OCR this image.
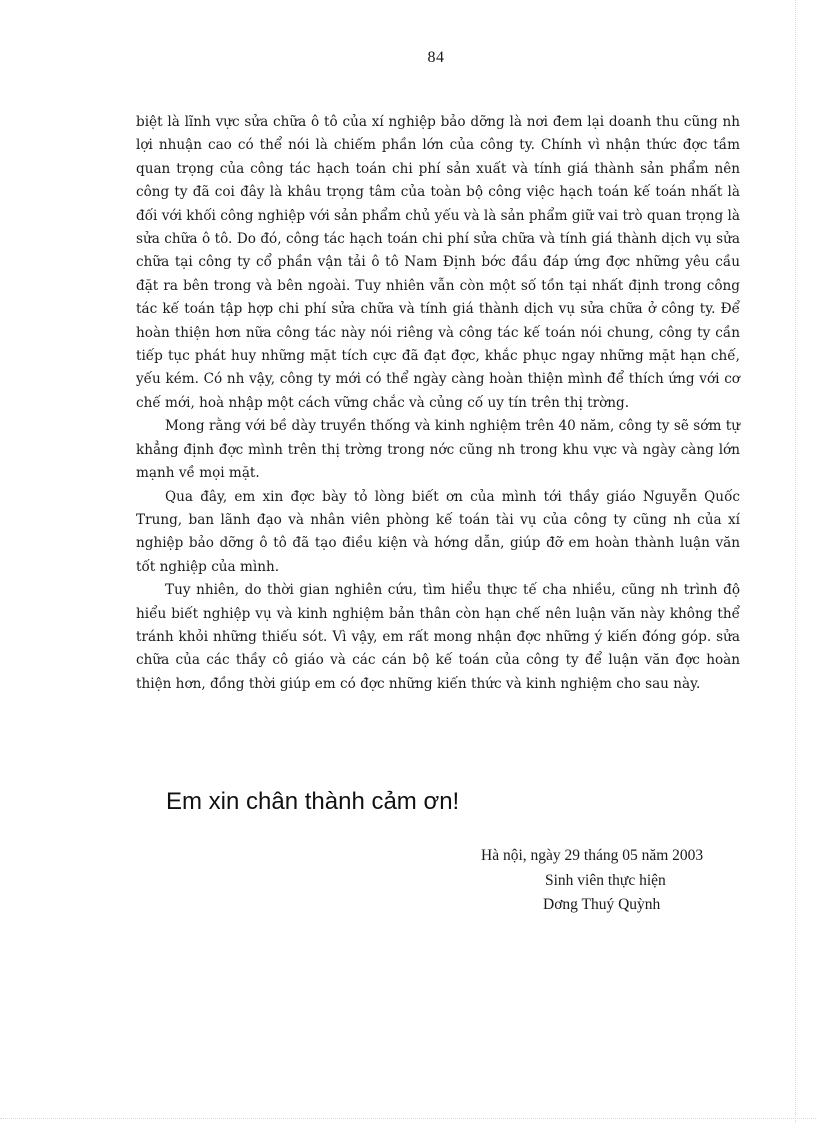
84

biệt là lĩnh vực sửa chữa ô tô của xí nghiệp bảo dỡng là nơi đem lại doanh thu cũng nh lợi nhuận cao có thể nói là chiếm phần lớn của công ty. Chính vì nhận thức đợc tầm quan trọng của công tác hạch toán chi phí sản xuất và tính giá thành sản phẩm nên công ty đã coi đây là khâu trọng tâm của toàn bộ công việc hạch toán kế toán nhất là đối với khối công nghiệp với sản phẩm chủ yếu và là sản phẩm giữ vai trò quan trọng là sửa chữa ô tô. Do đó, công tác hạch toán chi phí sửa chữa và tính giá thành dịch vụ sửa chữa tại công ty cổ phần vận tải ô tô Nam Định bớc đầu đáp ứng đợc những yêu cầu đặt ra bên trong và bên ngoài. Tuy nhiên vẫn còn một số tồn tại nhất định trong công tác kế toán tập hợp chi phí sửa chữa và tính giá thành dịch vụ sửa chữa ở công ty. Để hoàn thiện hơn nữa công tác này nói riêng và công tác kế toán nói chung, công ty cần tiếp tục phát huy những mặt tích cực đã đạt đợc, khắc phục ngay những mặt hạn chế, yếu kém. Có nh vậy, công ty mới có thể ngày càng hoàn thiện mình để thích ứng với cơ chế mới, hoà nhập một cách vững chắc và củng cố uy tín trên thị trờng.

Mong rằng với bề dày truyền thống và kinh nghiệm trên 40 năm, công ty sẽ sớm tự khẳng định đợc mình trên thị trờng trong nớc cũng nh trong khu vực và ngày càng lớn mạnh về mọi mặt.

Qua đây, em xin đợc bày tỏ lòng biết ơn của mình tới thầy giáo Nguyễn Quốc Trung, ban lãnh đạo và nhân viên phòng kế toán tài vụ của công ty cũng nh của xí nghiệp bảo dỡng ô tô đã tạo điều kiện và hớng dẫn, giúp đỡ em hoàn thành luận văn tốt nghiệp của mình.

Tuy nhiên, do thời gian nghiên cứu, tìm hiểu thực tế cha nhiều, cũng nh trình độ hiểu biết nghiệp vụ và kinh nghiệm bản thân còn hạn chế nên luận văn này không thể tránh khỏi những thiếu sót. Vì vậy, em rất mong nhận đợc những ý kiến đóng góp. sửa chữa của các thầy cô giáo và các cán bộ kế toán của công ty để luận văn đợc hoàn thiện hơn, đồng thời giúp em có đợc những kiến thức và kinh nghiệm cho sau này.

Em xin chân thành cảm ơn!
Hà nội, ngày 29 tháng 05 năm 2003
Sinh viên thực hiện
Dơng Thuý Quỳnh
